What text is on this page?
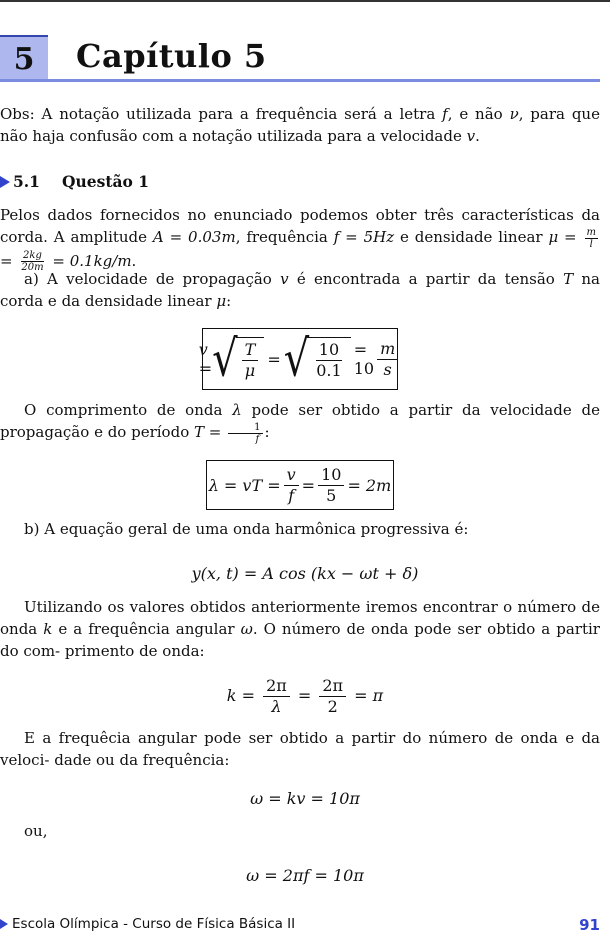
5	Capítulo 5
Obs: A notação utilizada para a frequência será a letra f, e não ν, para que não haja confusão com a notação utilizada para a velocidade v.
5.1 Questão 1
Pelos dados fornecidos no enunciado podemos obter três características da corda. A amplitude A = 0.03m, frequência f = 5Hz e densidade linear $\mu = \frac{m}{l}$
= $\frac{2kg}{20m} = 0.1kg/m$.
a) A velocidade de propagação v é encontrada a partir da tensão T na corda e da densidade linear μ:
v = √ $\frac{T}{\mu}$ = √ $\frac{10}{0.1} = 10 \frac{m}{s}$
O comprimento de onda λ pode ser obtido a partir da velocidade de propagação e do período $T = \frac{1}{f}$ :
λ = vT = $\frac{v}{f} = \frac{10}{5} = 2m$
b) A equação geral de uma onda harmônica progressiva é:
y(x, t) = A cos (kx − ωt + δ)
Utilizando os valores obtidos anteriormente iremos encontrar o número de onda k e a frequência angular ω. O número de onda pode ser obtido a partir do com- primento de onda:
$k = \frac{2\pi}{\lambda} = \frac{2\pi}{2} = \pi$
E a frequêcia angular pode ser obtido a partir do número de onda e da veloci- dade ou da frequência:
ω = kv = 10π
ou,
ω = 2πf = 10π
Escola Olímpica - Curso de Física Básica II	91
